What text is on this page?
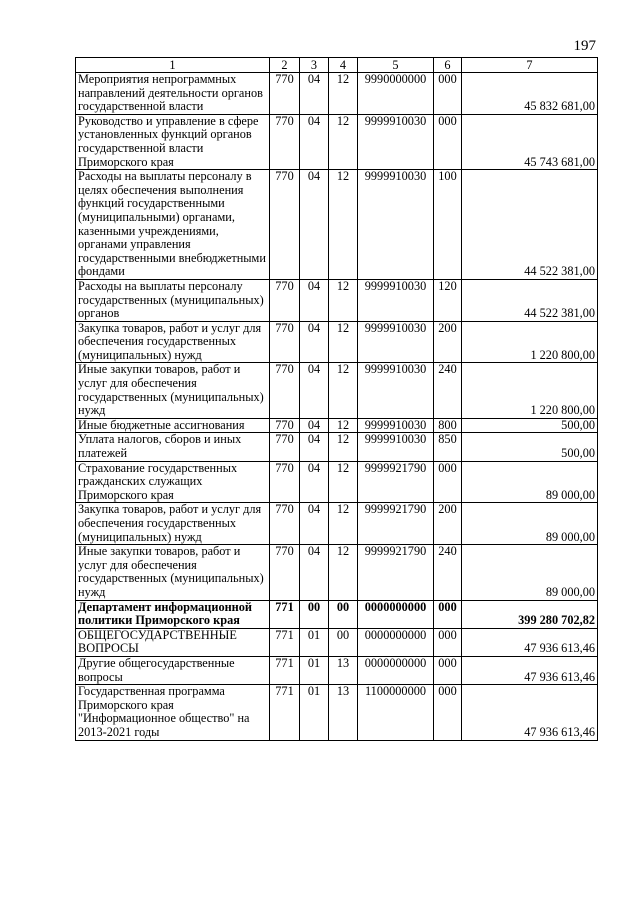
197
1	2	3	4	5	6	7
Мероприятия непрограммных направлений деятельности органов государственной власти	770	04	12	9990000000	000	45 832 681,00
Руководство и управление в сфере установленных функций органов государственной власти Приморского края	770	04	12	9999910030	000	45 743 681,00
Расходы на выплаты персоналу в целях обеспечения выполнения функций государственными (муниципальными) органами, казенными учреждениями, органами управления государственными внебюджетными фондами	770	04	12	9999910030	100	44 522 381,00
Расходы на выплаты персоналу государственных (муниципальных) органов	770	04	12	9999910030	120	44 522 381,00
Закупка товаров, работ и услуг для обеспечения государственных (муниципальных) нужд	770	04	12	9999910030	200	1 220 800,00
Иные закупки товаров, работ и услуг для обеспечения государственных (муниципальных) нужд	770	04	12	9999910030	240	1 220 800,00
Иные бюджетные ассигнования	770	04	12	9999910030	800	500,00
Уплата налогов, сборов и иных платежей	770	04	12	9999910030	850	500,00
Страхование государственных гражданских служащих Приморского края	770	04	12	9999921790	000	89 000,00
Закупка товаров, работ и услуг для обеспечения государственных (муниципальных) нужд	770	04	12	9999921790	200	89 000,00
Иные закупки товаров, работ и услуг для обеспечения государственных (муниципальных) нужд	770	04	12	9999921790	240	89 000,00
Департамент информационной политики Приморского края	771	00	00	0000000000	000	399 280 702,82
ОБЩЕГОСУДАРСТВЕННЫЕ ВОПРОСЫ	771	01	00	0000000000	000	47 936 613,46
Другие общегосударственные вопросы	771	01	13	0000000000	000	47 936 613,46
Государственная программа Приморского края "Информационное общество" на 2013-2021 годы	771	01	13	1100000000	000	47 936 613,46
